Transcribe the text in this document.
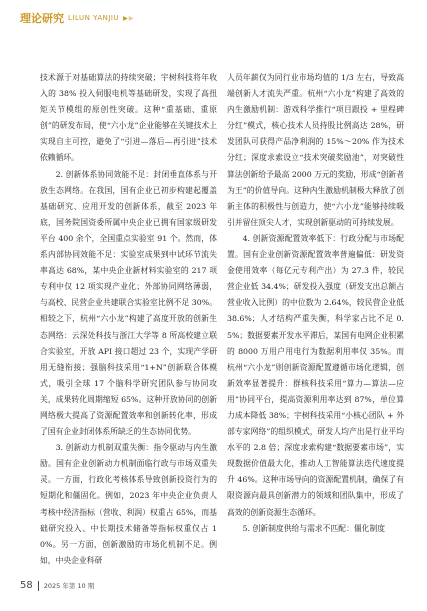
理论研究 LILUN YANJIU ▶▶

技术源于对基础算法的持续突破；宇树科技将年收入的 38% 投入伺服电机等基础研发，实现了高扭矩关节模组的原创性突破。这种“重基础、重原创”的研发布局，使“六小龙”企业能够在关键技术上实现自主可控，避免了“引进—落后—再引进”技术依赖循环。

2. 创新体系协同效能不足：封闭垂直体系与开放生态网络。在我国，国有企业已初步构建起覆盖基础研究、应用开发的创新体系，截至 2023 年底，国务院国资委所属中央企业已拥有国家级研发平台 400 余个，全国重点实验室 91 个。然而，体系内部协同效能不足：实验室成果到中试环节流失率高达 68%，某中央企业新材料实验室的 217 项专利中仅 12 项实现产业化；外部协同网络薄弱，与高校、民营企业共建联合实验室比例不足 30%。相较之下，杭州“六小龙”构建了高度开放的创新生态网络：云深处科技与浙江大学等 8 所高校建立联合实验室，开放 API 接口超过 23 个，实现产学研用无缝衔接；强脑科技采用“1+N”创新联合体模式，吸引全球 17 个脑科学研究团队参与协同攻关，成果转化周期缩短 65%。这种开放协同的创新网络极大提高了资源配置效率和创新转化率，形成了国有企业封闭体系所缺乏的生态协同优势。

3. 创新动力机制双重失衡：指令驱动与内生激励。国有企业创新动力机制面临行政与市场双重失灵。一方面，行政化考核体系导致创新投资行为的短期化和僵固化。例如，2023 年中央企业负责人考核中经济指标（营收、利润）权重占 65%，而基础研究投入、中长期技术储备等指标权重仅占 10%。另一方面，创新激励的市场化机制不足。例如，中央企业科研

人员年薪仅为同行业市场均值的 1/3 左右，导致高端创新人才流失严重。杭州“六小龙”构建了高效的内生激励机制：游戏科学推行“项目跟投 + 里程碑分红”模式，核心技术人员持股比例高达 28%，研发团队可获得产品净利润的 15%～20% 作为技术分红；深度求索设立“技术突破奖励池”，对突破性算法创新给予最高 2000 万元的奖励，形成“创新者为王”的价值导向。这种内生激励机制极大释放了创新主体的积极性与创造力，使“六小龙”能够持续吸引并留住顶尖人才，实现创新驱动的可持续发展。

4. 创新资源配置效率低下：行政分配与市场配置。国有企业创新资源配置效率普遍偏低：研发资金使用效率（每亿元专利产出）为 27.3 件，较民营企业低 34.4%；研发投入强度（研发支出总额占营业收入比例）的中位数为 2.64%，较民营企业低 38.6%；人才结构严重失衡，科学家占比不足 0.5%；数据要素开发水平滞后，某国有电网企业积累的 8000 万用户用电行为数据利用率仅 35%。而杭州“六小龙”则创新资源配置遵循市场化逻辑，创新效率显著提升：群核科技采用“算力—算法—应用”协同平台，提高资源利用率达到 87%，单位算力成本降低 38%；宇树科技采用“小核心团队 + 外部专家网络”的组织模式，研发人均产出是行业平均水平的 2.8 倍；深度求索构建“数据要素市场”，实现数据价值最大化，推动人工智能算法迭代速度提升 46%。这种市场导向的资源配置机制，确保了有限资源向最具创新潜力的领域和团队集中，形成了高效的创新资源生态循环。

5. 创新制度供给与需求不匹配：僵化制度

58 2025 年第 10 期
